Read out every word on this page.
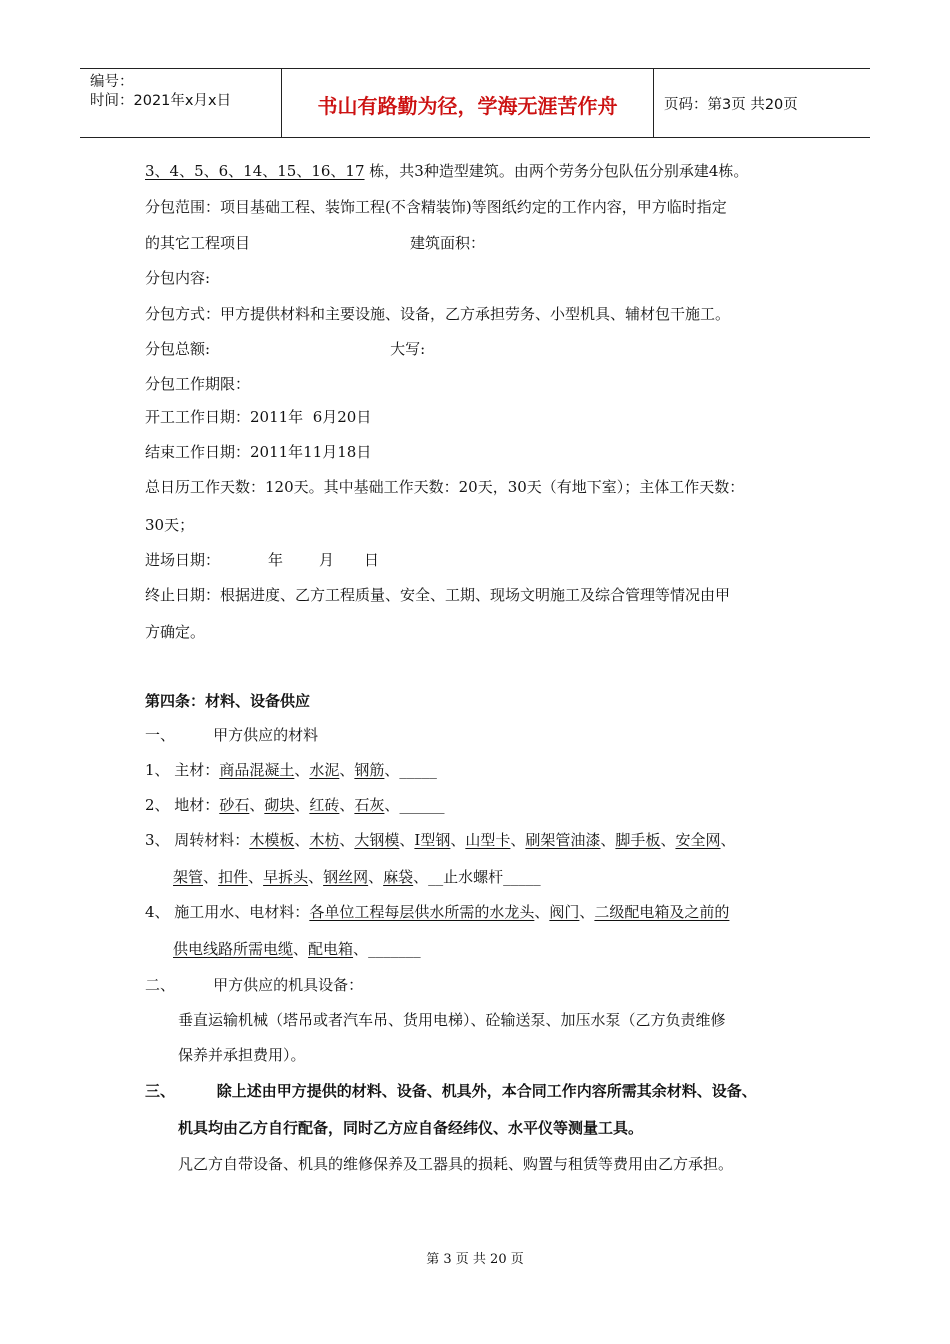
编号：
时间：2021年x月x日	书山有路勤为径，学海无涯苦作舟	页码：第3页 共20页
3、4、5、6、14、15、16、17 栋，共3种造型建筑。由两个劳务分包队伍分别承建4栋。
分包范围：项目基础工程、装饰工程(不含精装饰)等图纸约定的工作内容，甲方临时指定
的其它工程项目	建筑面积：
分包内容:
分包方式：甲方提供材料和主要设施、设备，乙方承担劳务、小型机具、辅材包干施工。
分包总额:	大写:
分包工作期限：
开工工作日期：2011年  6月20日
结束工作日期：2011年11月18日
总日历工作天数：120天。其中基础工作天数：20天，30天（有地下室）；主体工作天数：
30天；
进场日期：	年 月 日
终止日期：根据进度、乙方工程质量、安全、工期、现场文明施工及综合管理等情况由甲
方确定。
第四条：材料、设备供应
一、        甲方供应的材料
1、 主材：商品混凝土、水泥、钢筋、_____
2、 地材：砂石、砌块、红砖、石灰、______
3、 周转材料：木模板、木枋、大钢模、Ⅰ型钢、山型卡、刷架管油漆、脚手板、安全网、
架管、扣件、早拆头、钢丝网、麻袋、__止水螺杆_____
4、 施工用水、电材料：各单位工程每层供水所需的水龙头、阀门、二级配电箱及之前的
供电线路所需电缆、配电箱、_______
二、        甲方供应的机具设备：
垂直运输机械（塔吊或者汽车吊、货用电梯）、砼输送泵、加压水泵（乙方负责维修
保养并承担费用）。
三、        除上述由甲方提供的材料、设备、机具外，本合同工作内容所需其余材料、设备、
机具均由乙方自行配备，同时乙方应自备经纬仪、水平仪等测量工具。
凡乙方自带设备、机具的维修保养及工器具的损耗、购置与租赁等费用由乙方承担。
第 3 页 共 20 页
